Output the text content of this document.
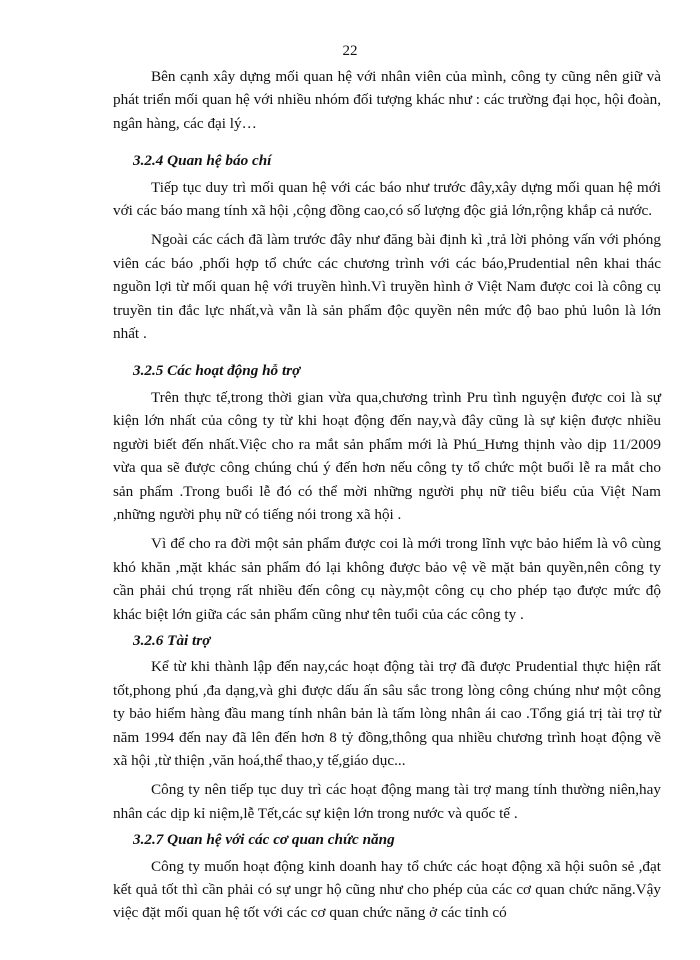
22

Bên cạnh xây dựng mối quan hệ với nhân viên của mình, công ty cũng nên giữ và phát triển mối quan hệ với nhiều nhóm đối tượng khác như : các trường đại học, hội đoàn, ngân hàng, các đại lý…

3.2.4 Quan hệ báo chí

Tiếp tục duy trì mối quan hệ với các báo như trước đây,xây dựng mối quan hệ mới với các báo mang tính xã hội ,cộng đồng cao,có số lượng độc giả lớn,rộng khắp cả nước.

Ngoài các cách đã làm trước đây như đăng bài định kì ,trả lời phỏng vấn với phóng viên các báo ,phối hợp tổ chức các chương trình với các báo,Prudential nên khai thác nguồn lợi từ mối quan hệ với truyền hình.Vì truyền hình ở Việt Nam được coi là công cụ truyền tin đắc lực nhất,và vẫn là sản phẩm độc quyền nên mức độ bao phủ luôn là lớn nhất .

3.2.5 Các hoạt động hỗ trợ

Trên thực tế,trong thời gian vừa qua,chương trình Pru tình nguyện được coi là sự kiện lớn nhất của công ty từ khi hoạt động đến nay,và đây cũng là sự kiện được nhiều người biết đến nhất.Việc cho ra mắt sản phẩm mới là Phú_Hưng thịnh vào dịp 11/2009 vừa qua sẽ được công chúng chú ý đến hơn nếu công ty tổ chức một buổi lễ ra mắt cho sản phẩm .Trong buổi lễ đó có thể mời những người phụ nữ tiêu biểu của Việt Nam ,những người phụ nữ có tiếng nói trong xã hội .

Vì để cho ra đời một sản phẩm được coi là mới trong lĩnh vực bảo hiểm là vô cùng khó khăn ,mặt khác sản phẩm đó lại không được bảo vệ về mặt bản quyền,nên công ty cần phải chú trọng rất nhiều đến công cụ này,một công cụ cho phép tạo được mức độ khác biệt lớn giữa các sản phẩm cũng như tên tuổi của các công ty .

3.2.6 Tài trợ

Kể từ khi thành lập đến nay,các hoạt động tài trợ đã được Prudential thực hiện rất tốt,phong phú ,đa dạng,và ghi được dấu ấn sâu sắc trong lòng công chúng như một công ty bảo hiểm hàng đầu mang tính nhân bản là tấm lòng nhân ái cao .Tổng giá trị tài trợ từ năm 1994 đến nay đã lên đến hơn 8 tỷ đồng,thông qua nhiều chương trình hoạt động về xã hội ,từ thiện ,văn hoá,thể thao,y tế,giáo dục...

Công ty nên tiếp tục duy trì các hoạt động mang tài trợ mang tính thường niên,hay nhân các dịp kỉ niệm,lễ Tết,các sự kiện lớn trong nước và quốc tế .

3.2.7 Quan hệ với các cơ quan chức năng

Công ty muốn hoạt động kinh doanh hay tổ chức các hoạt động xã hội suôn sẻ ,đạt kết quả tốt thì cần phải có sự ungr hộ cũng như cho phép của các cơ quan chức năng.Vậy việc đặt mối quan hệ tốt với các cơ quan chức năng ở các tỉnh có
